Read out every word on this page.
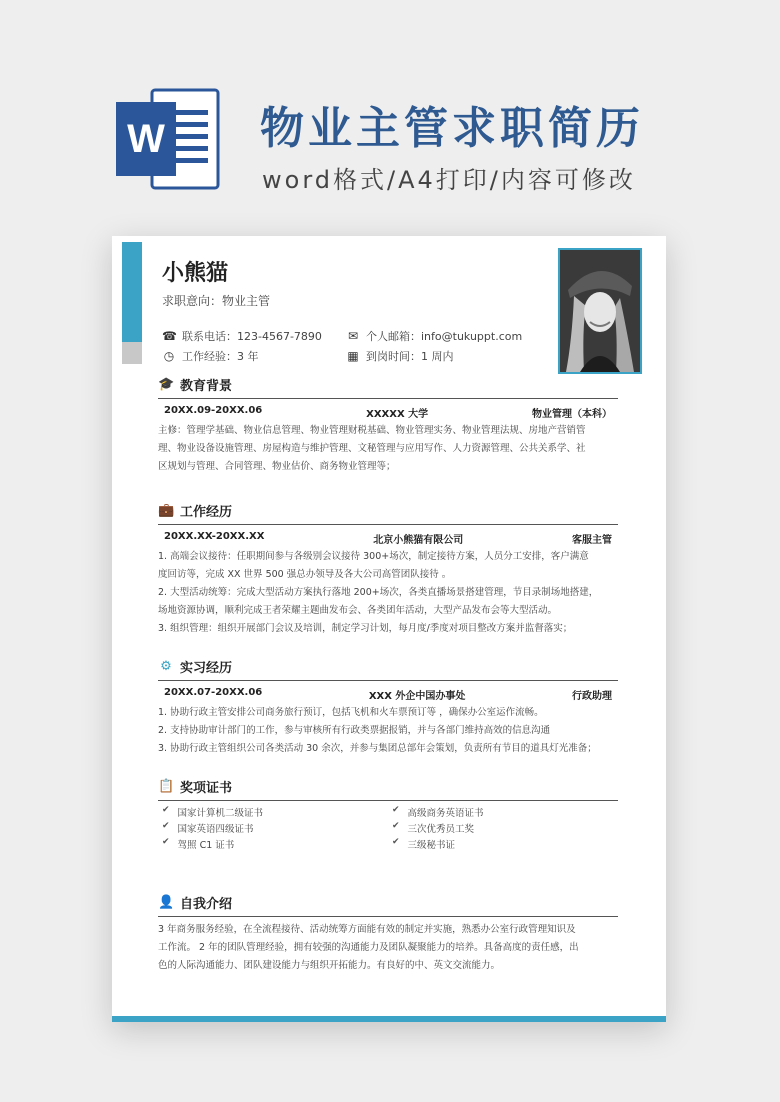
W 物业主管求职简历
word格式/A4打印/内容可修改
小熊猫
求职意向：物业主管
☎ 联系电话：123-4567-7890 ✉ 个人邮箱：info@tukuppt.com
◷ 工作经验：3 年	▦ 到岗时间：1 周内
🎓 教育背景
20XX.09-20XX.06	XXXXX 大学	物业管理（本科）

主修：管理学基础、物业信息管理、物业管理财税基础、物业管理实务、物业管理法规、房地产营销管

理、物业设备设施管理、房屋构造与维护管理、文秘管理与应用写作、人力资源管理、公共关系学、社

区规划与管理、合同管理、物业估价、商务物业管理等；

💼 工作经历
20XX.XX-20XX.XX	北京小熊猫有限公司	客服主管

1. 高端会议接待：任职期间参与各级别会议接待 300+场次，制定接待方案，人员分工安排，客户满意

度回访等，完成 XX 世界 500 强总办领导及各大公司高管团队接待 。

2. 大型活动统筹：完成大型活动方案执行落地 200+场次，各类直播场景搭建管理，节目录制场地搭建，

场地资源协调，顺利完成王者荣耀主题曲发布会、各类团年活动，大型产品发布会等大型活动。

3. 组织管理：组织开展部门会议及培训，制定学习计划，每月度/季度对项目整改方案并监督落实；

⚙ 实习经历
20XX.07-20XX.06	XXX 外企中国办事处	行政助理

1. 协助行政主管安排公司商务旅行预订，包括飞机和火车票预订等 ，确保办公室运作流畅。

2. 支持协助审计部门的工作，参与审核所有行政类票据报销，并与各部门维持高效的信息沟通

3. 协助行政主管组织公司各类活动 30 余次，并参与集团总部年会策划，负责所有节目的道具灯光准备；

📋 奖项证书
✔ 国家计算机二级证书	✔ 高级商务英语证书
✔ 国家英语四级证书	✔ 三次优秀员工奖
✔ 驾照 C1 证书	✔ 三级秘书证
👤 自我介绍

3 年商务服务经验，在全流程接待、活动统筹方面能有效的制定并实施，熟悉办公室行政管理知识及

工作流。 2 年的团队管理经验，拥有较强的沟通能力及团队凝聚能力的培养。具备高度的责任感，出

色的人际沟通能力、团队建设能力与组织开拓能力。有良好的中、英文交流能力。
